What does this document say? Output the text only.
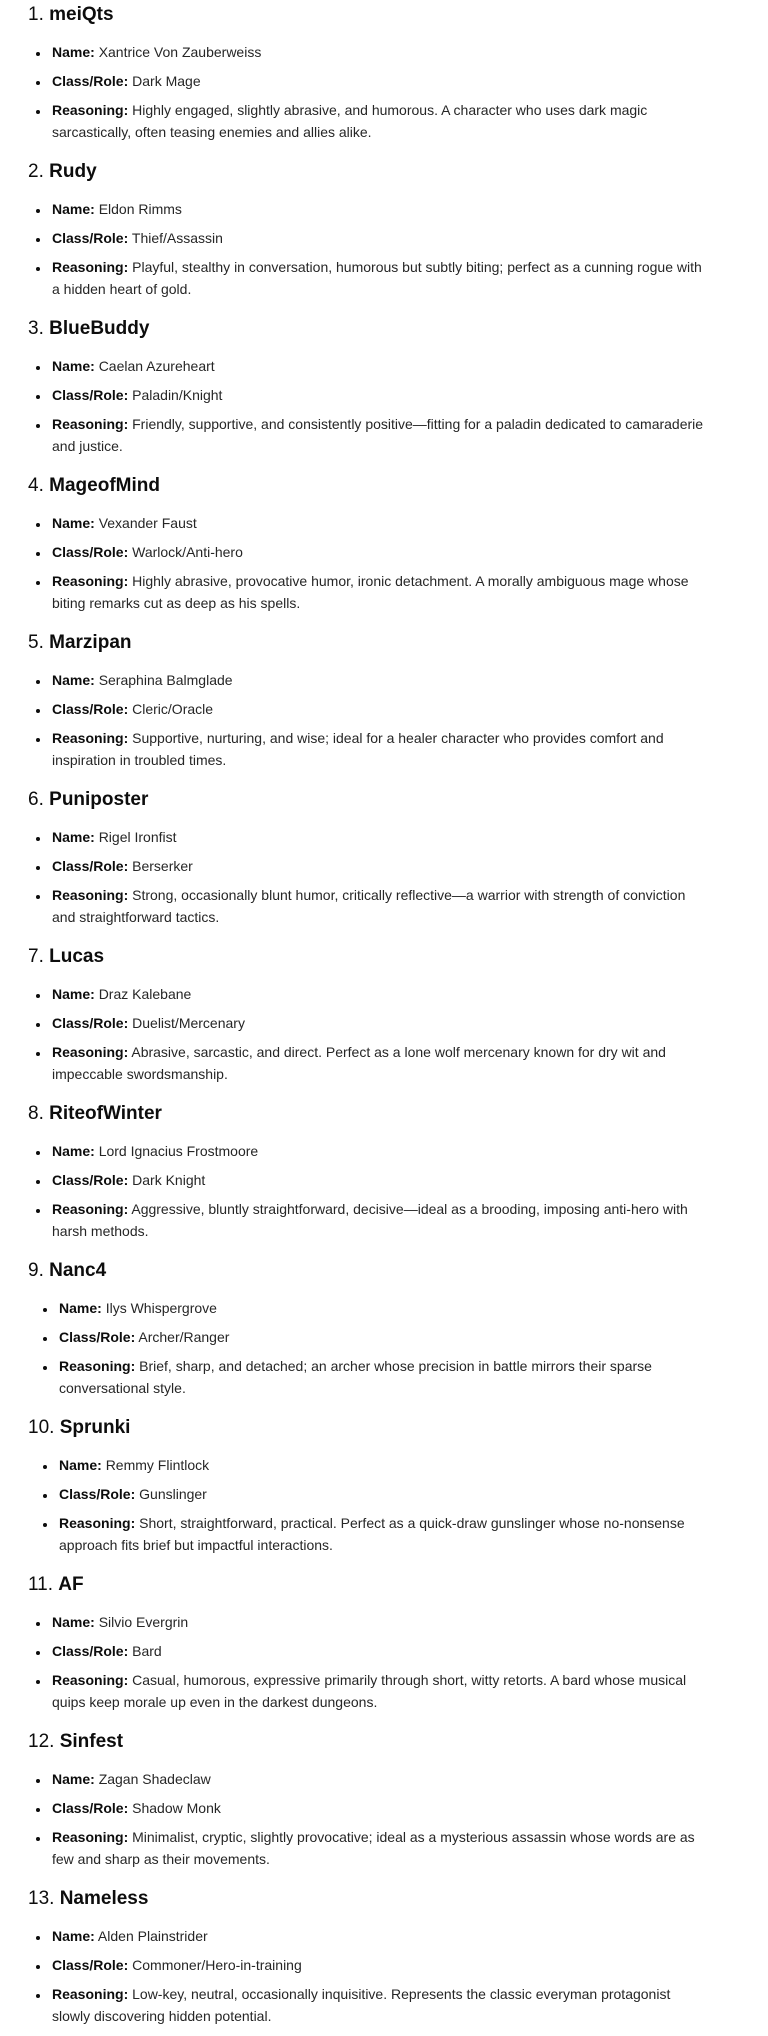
1. meiQts
• Name: Xantrice Von Zauberweiss
• Class/Role: Dark Mage
• Reasoning: Highly engaged, slightly abrasive, and humorous. A character who uses dark magic sarcastically, often teasing enemies and allies alike.
2. Rudy
• Name: Eldon Rimms
• Class/Role: Thief/Assassin
• Reasoning: Playful, stealthy in conversation, humorous but subtly biting; perfect as a cunning rogue with a hidden heart of gold.
3. BlueBuddy
• Name: Caelan Azureheart
• Class/Role: Paladin/Knight
• Reasoning: Friendly, supportive, and consistently positive—fitting for a paladin dedicated to camaraderie and justice.
4. MageofMind
• Name: Vexander Faust
• Class/Role: Warlock/Anti-hero
• Reasoning: Highly abrasive, provocative humor, ironic detachment. A morally ambiguous mage whose biting remarks cut as deep as his spells.
5. Marzipan
• Name: Seraphina Balmglade
• Class/Role: Cleric/Oracle
• Reasoning: Supportive, nurturing, and wise; ideal for a healer character who provides comfort and inspiration in troubled times.
6. Puniposter
• Name: Rigel Ironfist
• Class/Role: Berserker
• Reasoning: Strong, occasionally blunt humor, critically reflective—a warrior with strength of conviction and straightforward tactics.
7. Lucas
• Name: Draz Kalebane
• Class/Role: Duelist/Mercenary
• Reasoning: Abrasive, sarcastic, and direct. Perfect as a lone wolf mercenary known for dry wit and impeccable swordsmanship.
8. RiteofWinter
• Name: Lord Ignacius Frostmoore
• Class/Role: Dark Knight
• Reasoning: Aggressive, bluntly straightforward, decisive—ideal as a brooding, imposing anti-hero with harsh methods.
9. Nanc4
• Name: Ilys Whispergrove
• Class/Role: Archer/Ranger
• Reasoning: Brief, sharp, and detached; an archer whose precision in battle mirrors their sparse conversational style.
10. Sprunki
• Name: Remmy Flintlock
• Class/Role: Gunslinger
• Reasoning: Short, straightforward, practical. Perfect as a quick-draw gunslinger whose no-nonsense approach fits brief but impactful interactions.
11. AF
• Name: Silvio Evergrin
• Class/Role: Bard
• Reasoning: Casual, humorous, expressive primarily through short, witty retorts. A bard whose musical quips keep morale up even in the darkest dungeons.
12. Sinfest
• Name: Zagan Shadeclaw
• Class/Role: Shadow Monk
• Reasoning: Minimalist, cryptic, slightly provocative; ideal as a mysterious assassin whose words are as few and sharp as their movements.
13. Nameless
• Name: Alden Plainstrider
• Class/Role: Commoner/Hero-in-training
• Reasoning: Low-key, neutral, occasionally inquisitive. Represents the classic everyman protagonist slowly discovering hidden potential.
